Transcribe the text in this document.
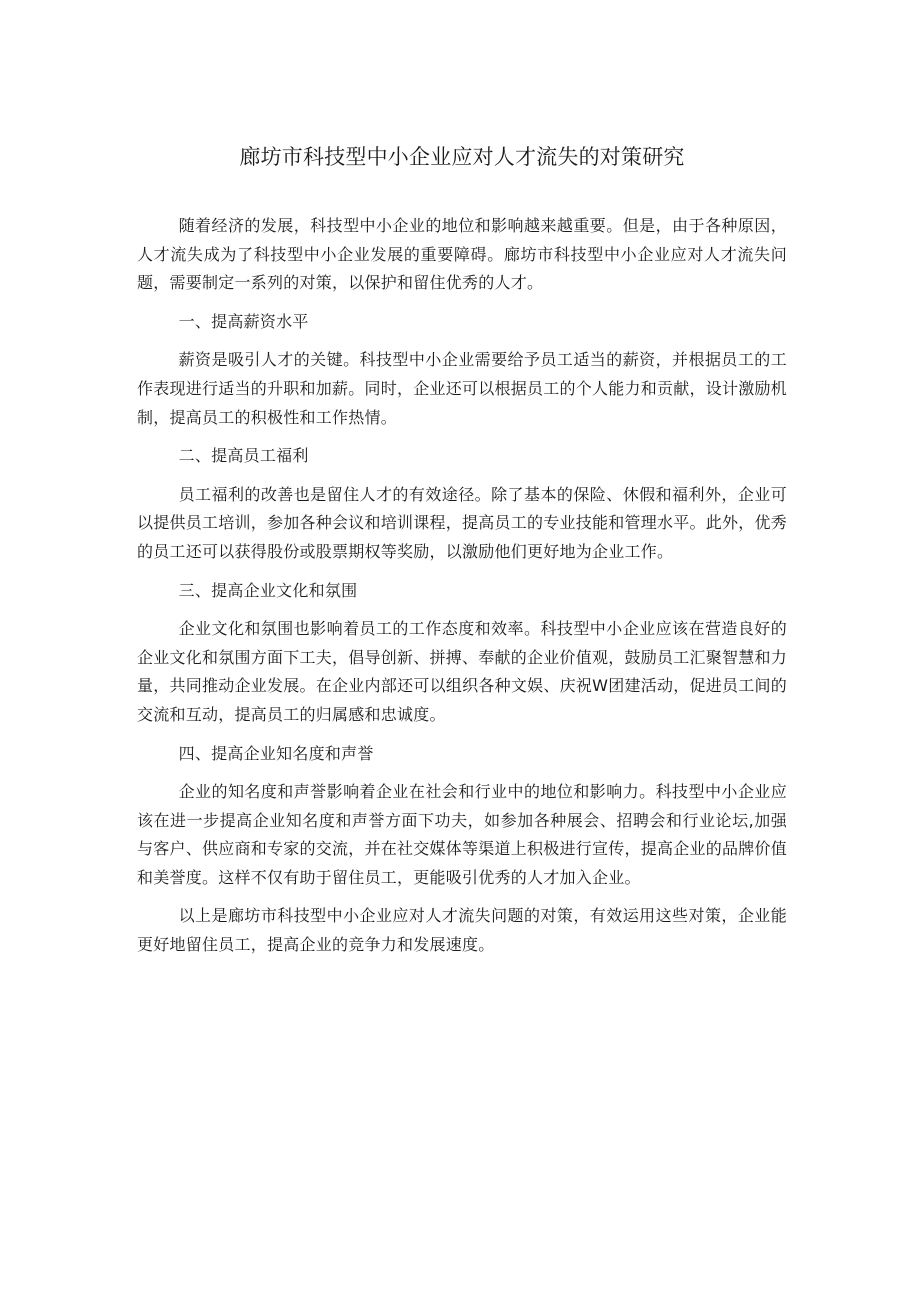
廊坊市科技型中小企业应对人才流失的对策研究

随着经济的发展，科技型中小企业的地位和影响越来越重要。但是，由于各种原因，人才流失成为了科技型中小企业发展的重要障碍。廊坊市科技型中小企业应对人才流失问题，需要制定一系列的对策，以保护和留住优秀的人才。

一、提高薪资水平

薪资是吸引人才的关键。科技型中小企业需要给予员工适当的薪资，并根据员工的工作表现进行适当的升职和加薪。同时，企业还可以根据员工的个人能力和贡献，设计激励机制，提高员工的积极性和工作热情。

二、提高员工福利

员工福利的改善也是留住人才的有效途径。除了基本的保险、休假和福利外，企业可以提供员工培训，参加各种会议和培训课程，提高员工的专业技能和管理水平。此外，优秀的员工还可以获得股份或股票期权等奖励，以激励他们更好地为企业工作。

三、提高企业文化和氛围

企业文化和氛围也影响着员工的工作态度和效率。科技型中小企业应该在营造良好的企业文化和氛围方面下工夫，倡导创新、拼搏、奉献的企业价值观，鼓励员工汇聚智慧和力量，共同推动企业发展。在企业内部还可以组织各种文娱、庆祝W团建活动，促进员工间的交流和互动，提高员工的归属感和忠诚度。

四、提高企业知名度和声誉

企业的知名度和声誉影响着企业在社会和行业中的地位和影响力。科技型中小企业应该在进一步提高企业知名度和声誉方面下功夫，如参加各种展会、招聘会和行业论坛,加强与客户、供应商和专家的交流，并在社交媒体等渠道上积极进行宣传，提高企业的品牌价值和美誉度。这样不仅有助于留住员工，更能吸引优秀的人才加入企业。

以上是廊坊市科技型中小企业应对人才流失问题的对策，有效运用这些对策，企业能更好地留住员工，提高企业的竞争力和发展速度。
